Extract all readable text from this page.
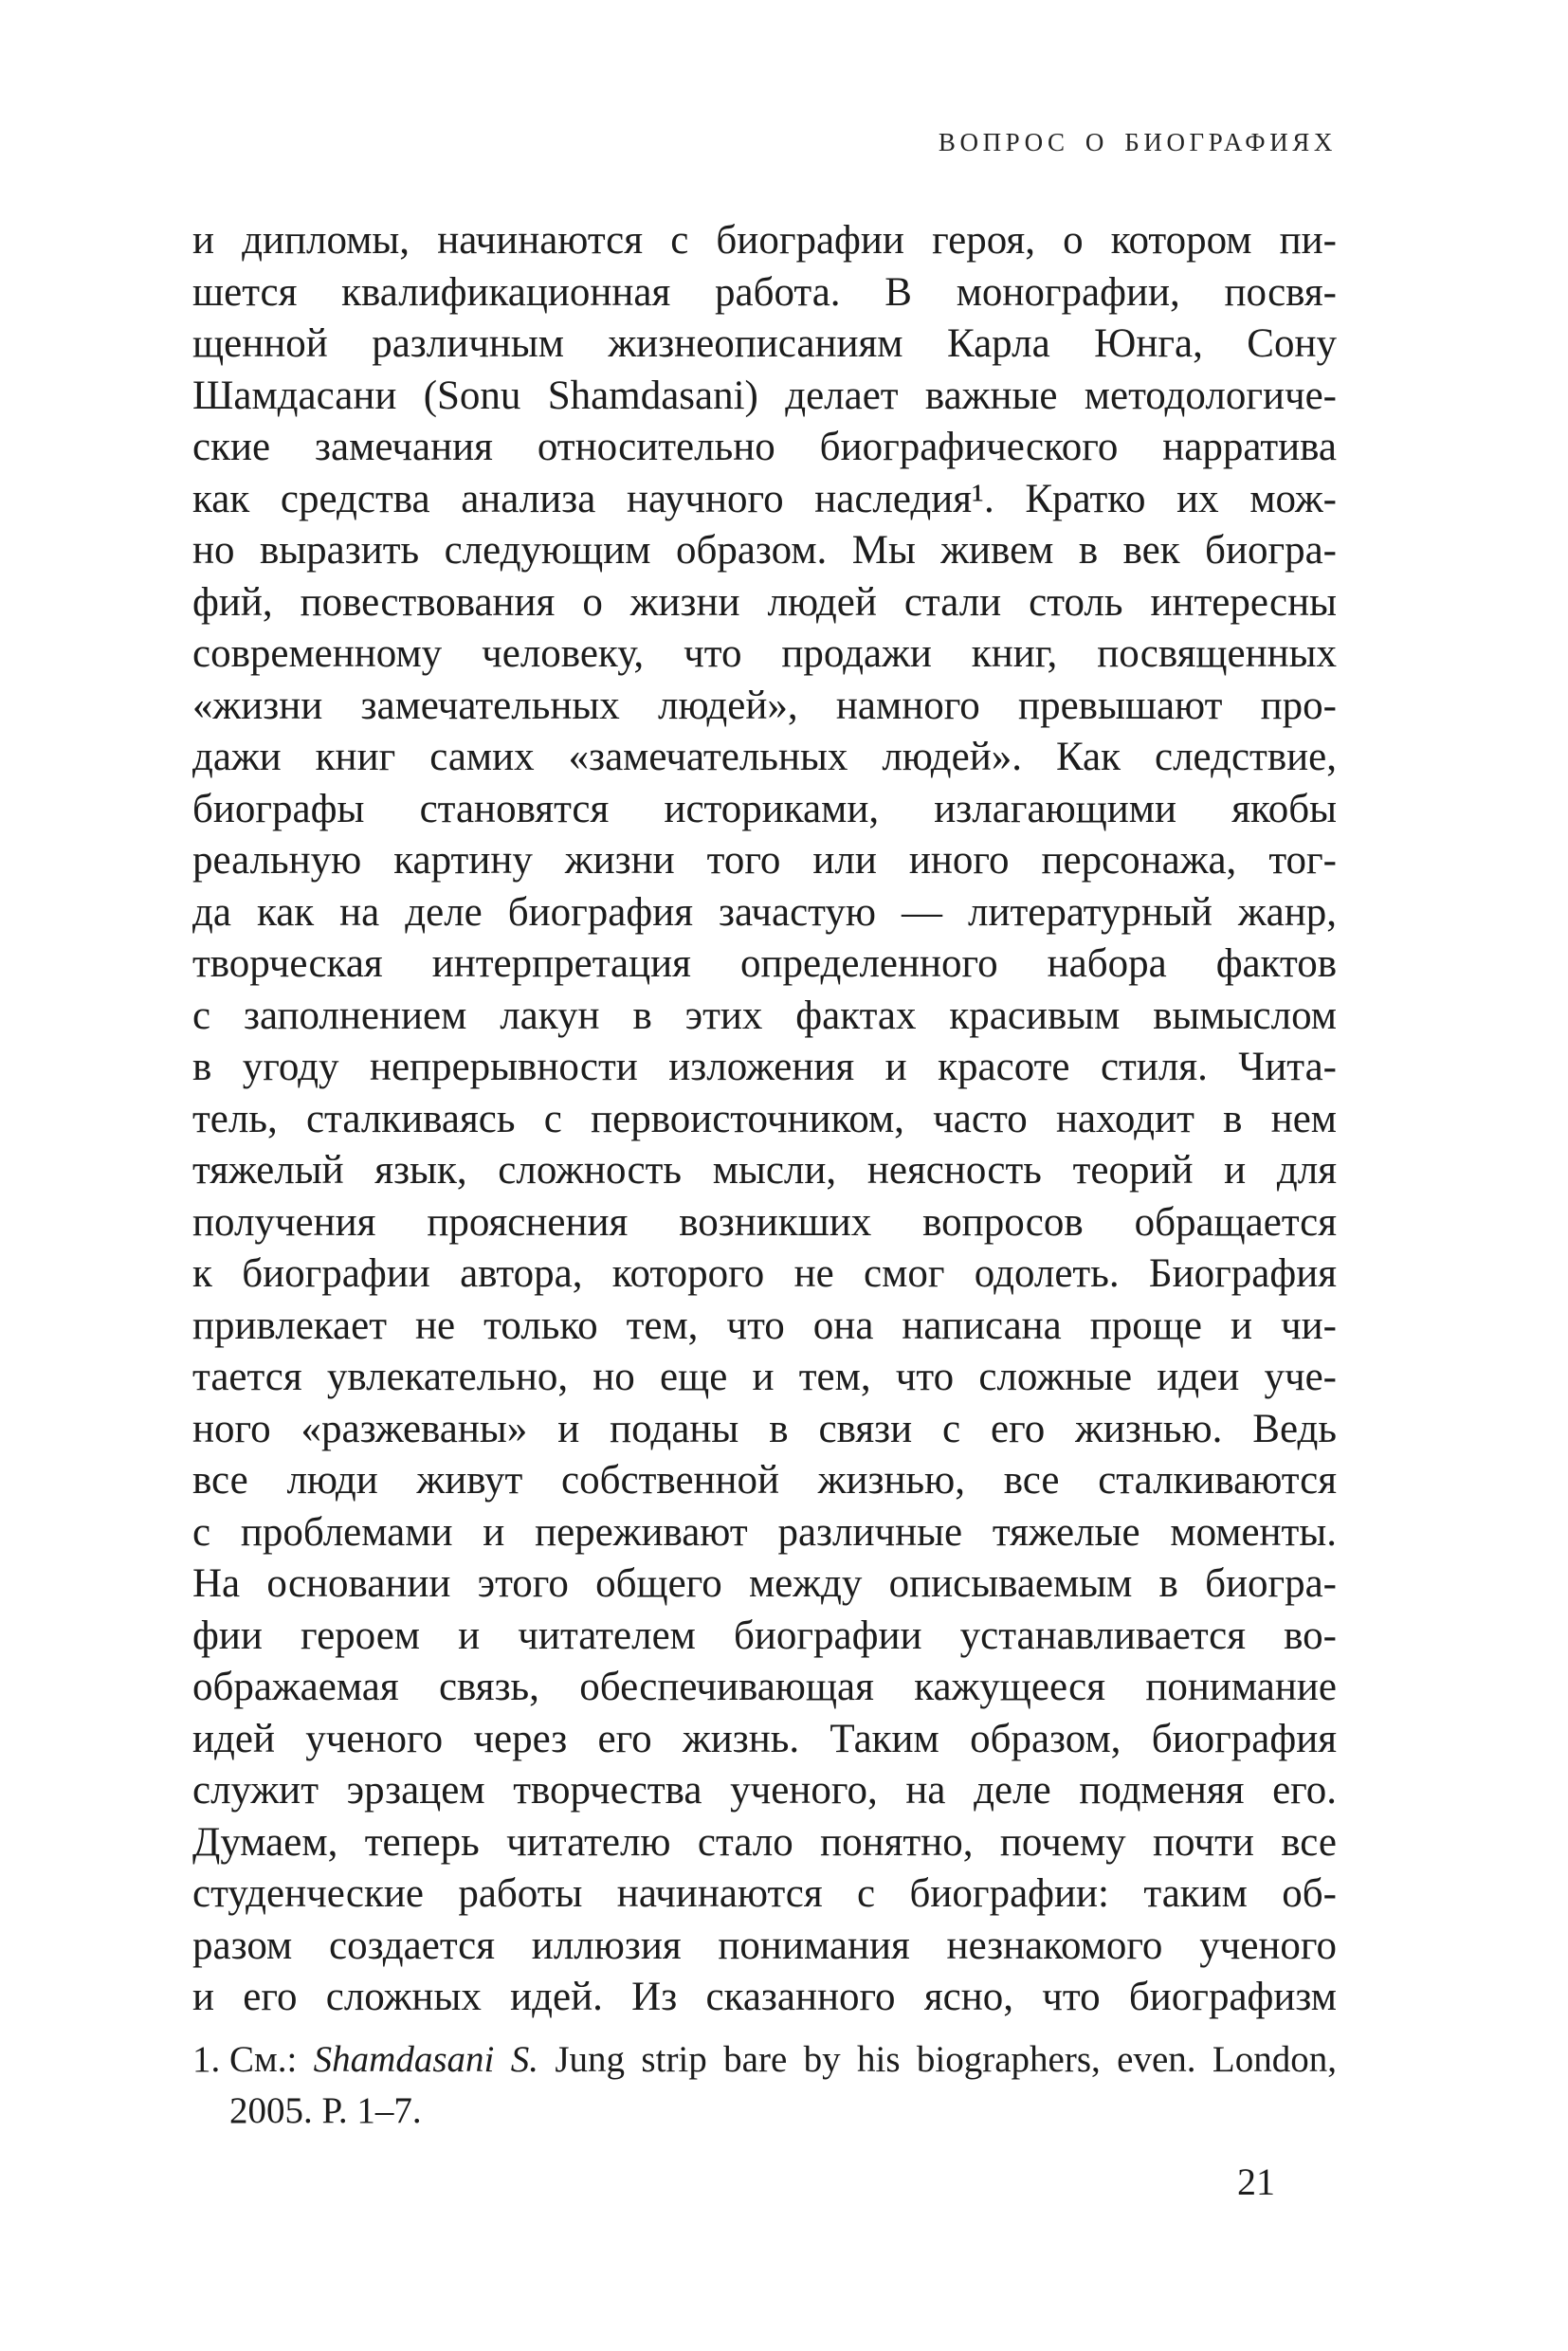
ВОПРОС О БИОГРАФИЯХ
и дипломы, начинаются с биографии героя, о котором пи-
шется квалификационная работа. В монографии, посвя-
щенной различным жизнеописаниям Карла Юнга, Сону
Шамдасани (Sonu Shamdasani) делает важные методологиче-
ские замечания относительно биографического нарратива
как средства анализа научного наследия¹. Кратко их мож-
но выразить следующим образом. Мы живем в век биогра-
фий, повествования о жизни людей стали столь интересны
современному человеку, что продажи книг, посвященных
«жизни замечательных людей», намного превышают про-
дажи книг самих «замечательных людей». Как следствие,
биографы становятся историками, излагающими якобы
реальную картину жизни того или иного персонажа, тог-
да как на деле биография зачастую — литературный жанр,
творческая интерпретация определенного набора фактов
с заполнением лакун в этих фактах красивым вымыслом
в угоду непрерывности изложения и красоте стиля. Чита-
тель, сталкиваясь с первоисточником, часто находит в нем
тяжелый язык, сложность мысли, неясность теорий и для
получения прояснения возникших вопросов обращается
к биографии автора, которого не смог одолеть. Биография
привлекает не только тем, что она написана проще и чи-
тается увлекательно, но еще и тем, что сложные идеи уче-
ного «разжеваны» и поданы в связи с его жизнью. Ведь
все люди живут собственной жизнью, все сталкиваются
с проблемами и переживают различные тяжелые моменты.
На основании этого общего между описываемым в биогра-
фии героем и читателем биографии устанавливается во-
ображаемая связь, обеспечивающая кажущееся понимание
идей ученого через его жизнь. Таким образом, биография
служит эрзацем творчества ученого, на деле подменяя его.
Думаем, теперь читателю стало понятно, почему почти все
студенческие работы начинаются с биографии: таким об-
разом создается иллюзия понимания незнакомого ученого
и его сложных идей. Из сказанного ясно, что биографизм
1. См.: Shamdasani S. Jung strip bare by his biographers, even. London,
2005. P. 1–7.
21
